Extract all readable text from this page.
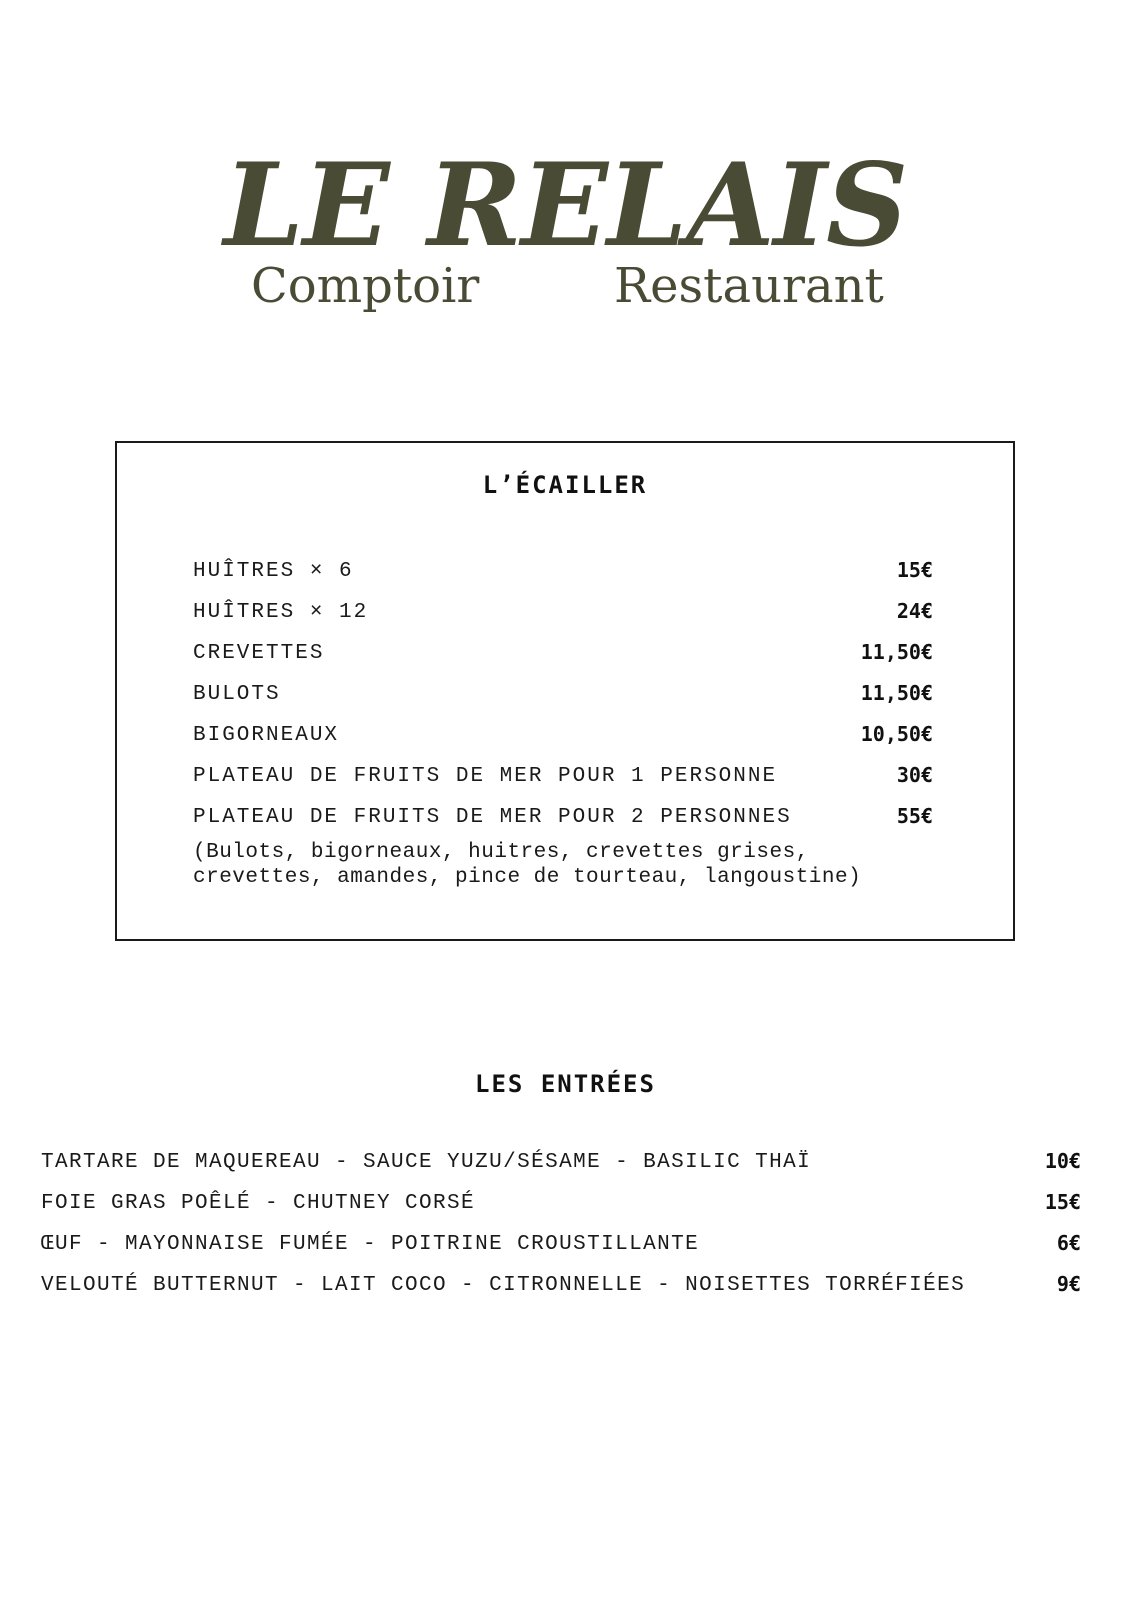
LE RELAIS
Comptoir	Restaurant
L’ÉCAILLER
HUÎTRES × 6	15€
HUÎTRES × 12	24€
CREVETTES	11,50€
BULOTS	11,50€
BIGORNEAUX	10,50€
PLATEAU DE FRUITS DE MER POUR 1 PERSONNE	30€
PLATEAU DE FRUITS DE MER POUR 2 PERSONNES	55€
(Bulots, bigorneaux, huitres, crevettes grises, crevettes, amandes, pince de tourteau, langoustine)
LES ENTRÉES
TARTARE DE MAQUEREAU - SAUCE YUZU/SÉSAME - BASILIC THAÏ	10€
FOIE GRAS POÊLÉ - CHUTNEY CORSÉ	15€
ŒUF - MAYONNAISE FUMÉE - POITRINE CROUSTILLANTE	6€
VELOUTÉ BUTTERNUT - LAIT COCO - CITRONNELLE - NOISETTES TORRÉFIÉES	9€
